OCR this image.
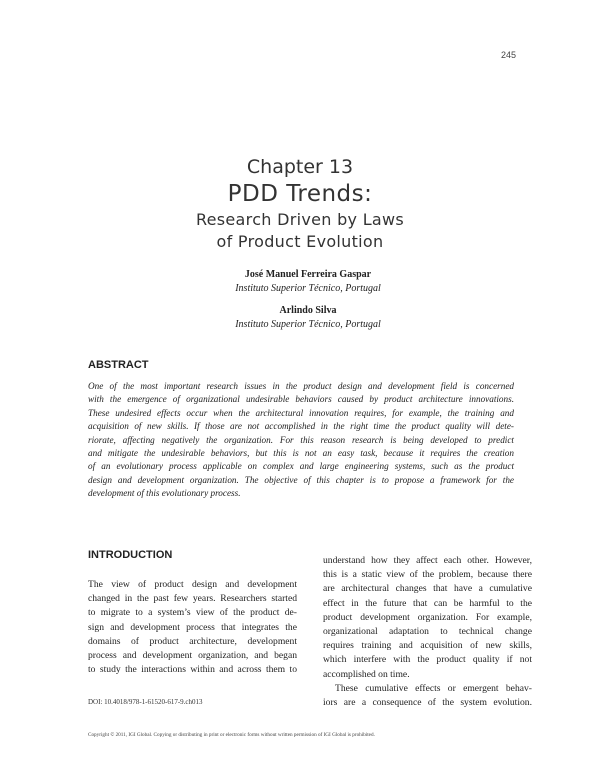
245
Chapter 13
PDD Trends:
Research Driven by Laws
of Product Evolution
José Manuel Ferreira Gaspar
Instituto Superior Técnico, Portugal
Arlindo Silva
Instituto Superior Técnico, Portugal
ABSTRACT
One of the most important research issues in the product design and development field is concerned
with the emergence of organizational undesirable behaviors caused by product architecture innovations.
These undesired effects occur when the architectural innovation requires, for example, the training and
acquisition of new skills. If those are not accomplished in the right time the product quality will dete-
riorate, affecting negatively the organization. For this reason research is being developed to predict
and mitigate the undesirable behaviors, but this is not an easy task, because it requires the creation
of an evolutionary process applicable on complex and large engineering systems, such as the product
design and development organization. The objective of this chapter is to propose a framework for the
development of this evolutionary process.
INTRODUCTION
The view of product design and development
changed in the past few years. Researchers started
to migrate to a system’s view of the product de-
sign and development process that integrates the
domains of product architecture, development
process and development organization, and began
to study the interactions within and across them to
understand how they affect each other. However,
this is a static view of the problem, because there
are architectural changes that have a cumulative
effect in the future that can be harmful to the
product development organization. For example,
organizational adaptation to technical change
requires training and acquisition of new skills,
which interfere with the product quality if not
accomplished on time.
These cumulative effects or emergent behav-
iors are a consequence of the system evolution.
DOI: 10.4018/978-1-61520-617-9.ch013
Copyright © 2011, IGI Global. Copying or distributing in print or electronic forms without written permission of IGI Global is prohibited.
